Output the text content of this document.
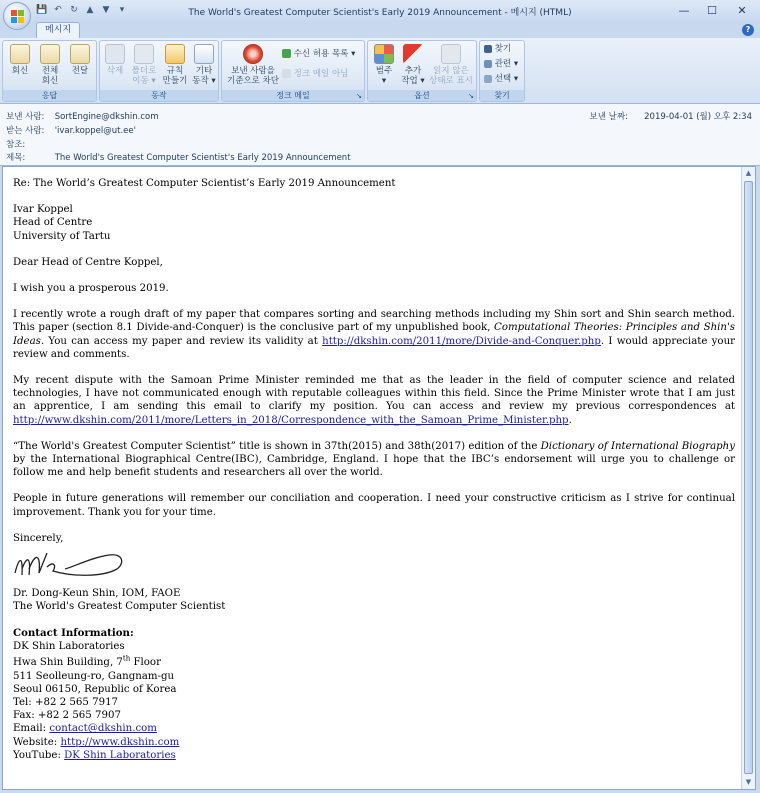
💾 ↶ ↻ ▲ ▼	▾	The World's Greatest Computer Scientist's Early 2019 Announcement - 메시지 (HTML)	—	☐	✕
메시지	?
회신	전체
회신
전달
응답
삭제 폴더로
이동 ▾
규칙
만들기
기타
동작 ▾
동작
보낸 사람을
기준으로 차단
수신 허용 목록 ▾
정크 메일 아님
정크 메일	↘
범주
▾
추가
작업 ▾
읽지 않은
상태로 표시
옵션	↘
찾기
관련 ▾
선택 ▾
찾기
보낸 사람: SortEngine@dkshin.com
받는 사람: 'ivar.koppel@ut.ee'
참조:
제목:	The World's Greatest Computer Scientist's Early 2019 Announcement
보낸 날짜: 2019-04-01 (월) 오후 2:34

Re: The World’s Greatest Computer Scientist’s Early 2019 Announcement

Ivar Koppel
Head of Centre
University of Tartu

Dear Head of Centre Koppel,

I wish you a prosperous 2019.

I recently wrote a rough draft of my paper that compares sorting and searching methods including my Shin sort and Shin search method. This paper (section 8.1 Divide-and-Conquer) is the conclusive part of my unpublished book, Computational Theories: Principles and Shin's Ideas. You can access my paper and review its validity at http://dkshin.com/2011/more/Divide-and-Conquer.php. I would appreciate your review and comments.

My recent dispute with the Samoan Prime Minister reminded me that as the leader in the field of computer science and related technologies, I have not communicated enough with reputable colleagues within this field. Since the Prime Minister wrote that I am just an apprentice, I am sending this email to clarify my position. You can access and review my previous correspondences at http://www.dkshin.com/2011/more/Letters_in_2018/Correspondence_with_the_Samoan_Prime_Minister.php.

“The World's Greatest Computer Scientist” title is shown in 37th(2015) and 38th(2017) edition of the Dictionary of International Biography by the International Biographical Centre(IBC), Cambridge, England. I hope that the IBC’s endorsement will urge you to challenge or follow me and help benefit students and researchers all over the world.

People in future generations will remember our conciliation and cooperation. I need your constructive criticism as I strive for continual improvement. Thank you for your time.

Sincerely,

Dr. Dong-Keun Shin, IOM, FAOE
The World's Greatest Computer Scientist

Contact Information:
DK Shin Laboratories
Hwa Shin Building, 7th Floor
511 Seolleung-ro, Gangnam-gu
Seoul 06150, Republic of Korea
Tel: +82 2 565 7917
Fax: +82 2 565 7907
Email: contact@dkshin.com
Website: http://www.dkshin.com
YouTube: DK Shin Laboratories

▲
▼
